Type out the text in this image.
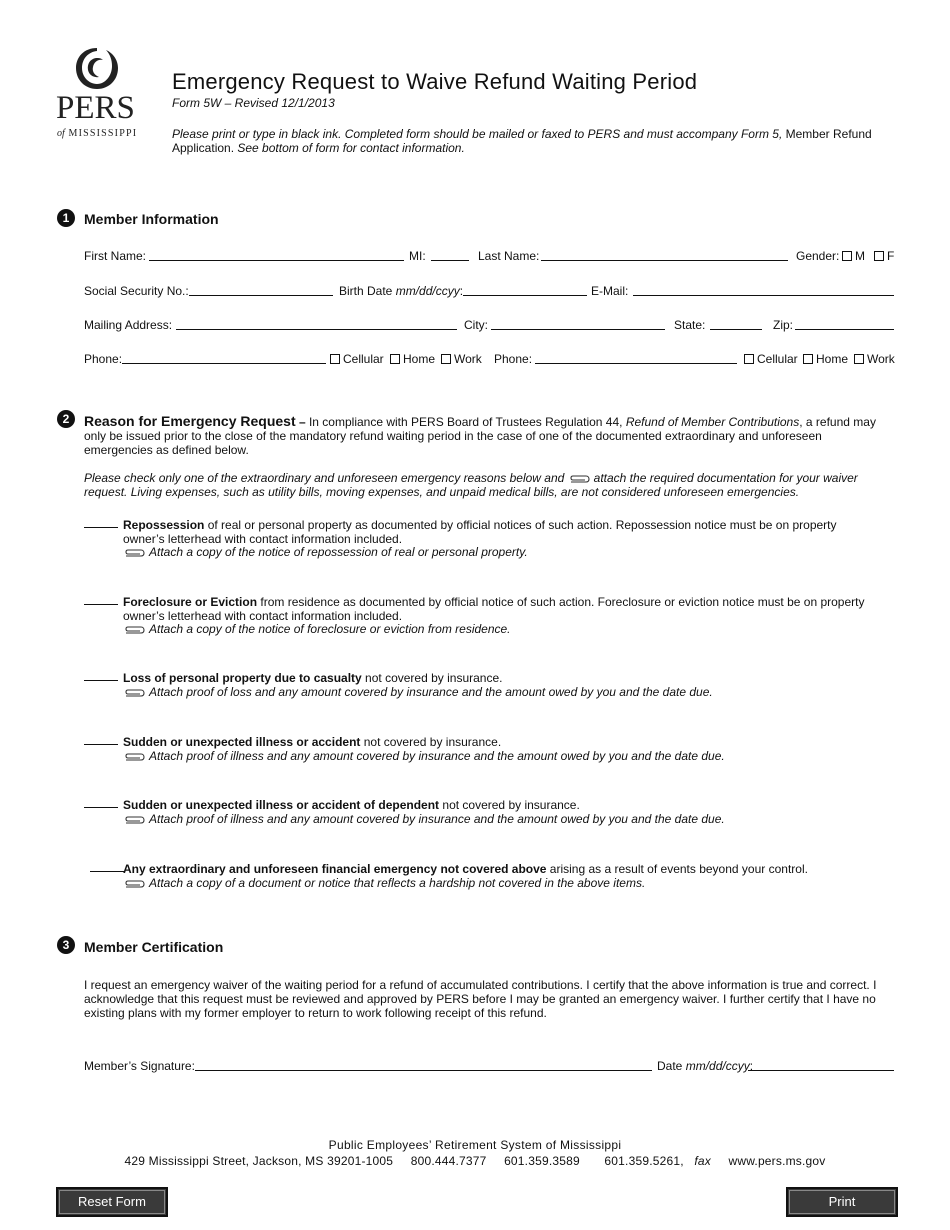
PERS
of MISSISSIPPI
Emergency Request to Waive Refund Waiting Period
Form 5W – Revised 12/1/2013
Please print or type in black ink. Completed form should be mailed or faxed to PERS and must accompany Form 5, Member Refund Application. See bottom of form for contact information.
1	Member Information
First Name:	MI:	Last Name:	Gender:	M	F
Social Security No.:	Birth Date mm/dd/ccyy:	E-Mail:
Mailing Address:	City:	State:	Zip:
Phone:	Cellular	Home	Work Phone:	Cellular	Home	Work
2	Reason for Emergency Request – In compliance with PERS Board of Trustees Regulation 44, Refund of Member Contributions, a refund may only be issued prior to the close of the mandatory refund waiting period in the case of one of the documented extraordinary and unforeseen emergencies as defined below.
Please check only one of the extraordinary and unforeseen emergency reasons below and attach the required documentation for your waiver request. Living expenses, such as utility bills, moving expenses, and unpaid medical bills, are not considered unforeseen emergencies.
Repossession of real or personal property as documented by official notices of such action. Repossession notice must be on property owner’s letterhead with contact information included.
Attach a copy of the notice of repossession of real or personal property.
Foreclosure or Eviction from residence as documented by official notice of such action. Foreclosure or eviction notice must be on property owner’s letterhead with contact information included.
Attach a copy of the notice of foreclosure or eviction from residence.
Loss of personal property due to casualty not covered by insurance.
Attach proof of loss and any amount covered by insurance and the amount owed by you and the date due.
Sudden or unexpected illness or accident not covered by insurance.
Attach proof of illness and any amount covered by insurance and the amount owed by you and the date due.
Sudden or unexpected illness or accident of dependent not covered by insurance.
Attach proof of illness and any amount covered by insurance and the amount owed by you and the date due.
Any extraordinary and unforeseen financial emergency not covered above arising as a result of events beyond your control.
Attach a copy of a document or notice that reflects a hardship not covered in the above items.
3	Member Certification
I request an emergency waiver of the waiting period for a refund of accumulated contributions. I certify that the above information is true and correct. I acknowledge that this request must be reviewed and approved by PERS before I may be granted an emergency waiver. I further certify that I have no existing plans with my former employer to return to work following receipt of this refund.
Member’s Signature:	Date mm/dd/ccyy:
Public Employees’ Retirement System of Mississippi
429 Mississippi Street, Jackson, MS 39201-1005 800.444.7377 601.359.3589 601.359.5261, fax www.pers.ms.gov
Reset Form	Print
